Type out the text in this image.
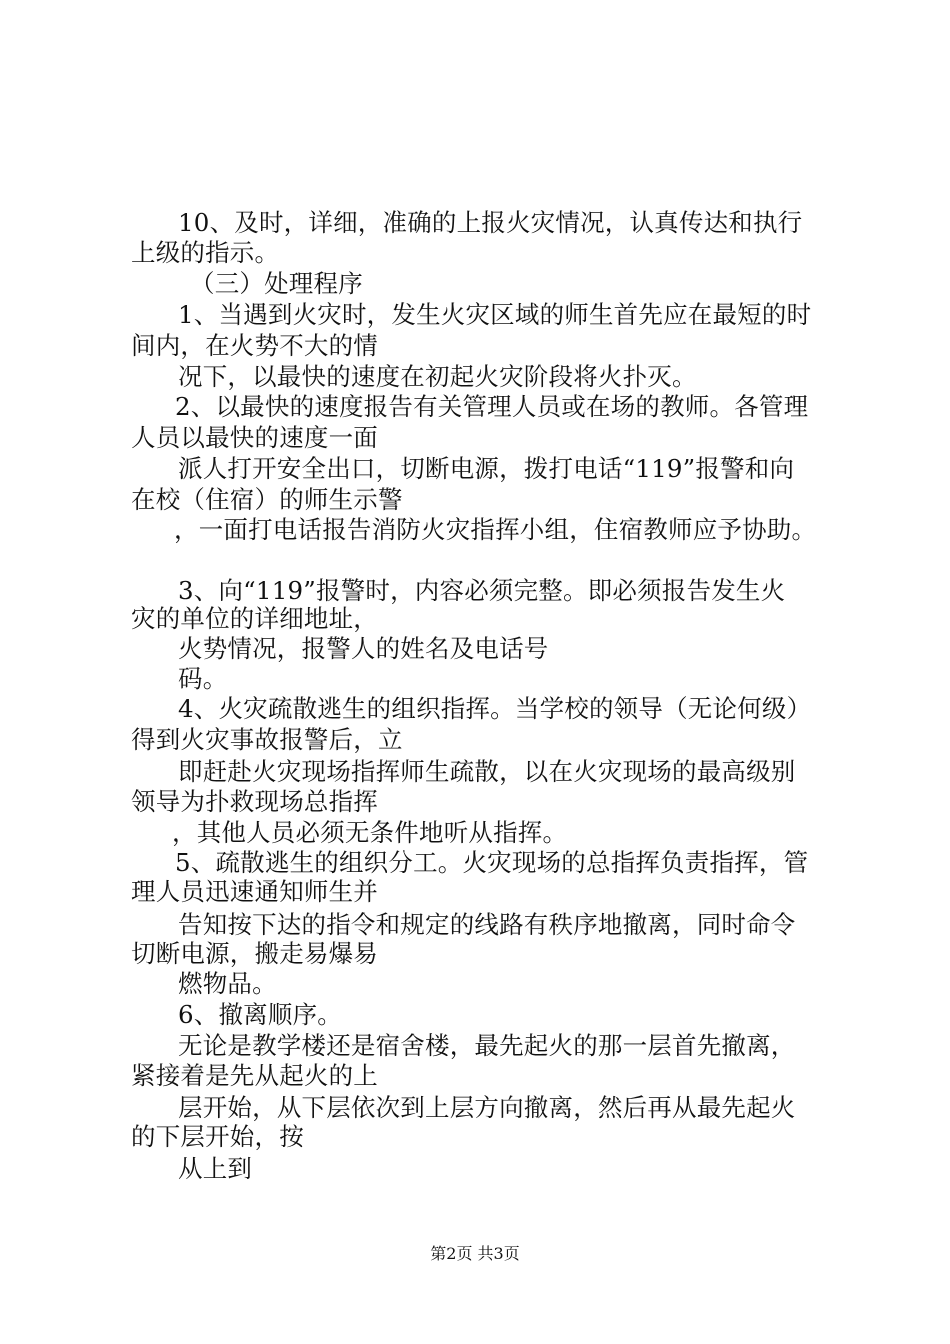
10、及时，详细，准确的上报火灾情况，认真传达和执行
上级的指示。
（三）处理程序
1、当遇到火灾时，发生火灾区域的师生首先应在最短的时
间内，在火势不大的情
况下，以最快的速度在初起火灾阶段将火扑灭。
2、以最快的速度报告有关管理人员或在场的教师。各管理
人员以最快的速度一面
派人打开安全出口，切断电源，拨打电话“119”报警和向
在校（住宿）的师生示警
，一面打电话报告消防火灾指挥小组，住宿教师应予协助。
3、向“119”报警时，内容必须完整。即必须报告发生火
灾的单位的详细地址，
火势情况，报警人的姓名及电话号
码。
4、火灾疏散逃生的组织指挥。当学校的领导（无论何级）
得到火灾事故报警后，立
即赶赴火灾现场指挥师生疏散，以在火灾现场的最高级别
领导为扑救现场总指挥
，其他人员必须无条件地听从指挥。
5、疏散逃生的组织分工。火灾现场的总指挥负责指挥，管
理人员迅速通知师生并
告知按下达的指令和规定的线路有秩序地撤离，同时命令
切断电源，搬走易爆易
燃物品。
6、撤离顺序。
无论是教学楼还是宿舍楼，最先起火的那一层首先撤离，
紧接着是先从起火的上
层开始，从下层依次到上层方向撤离，然后再从最先起火
的下层开始，按
从上到
第2页 共3页
